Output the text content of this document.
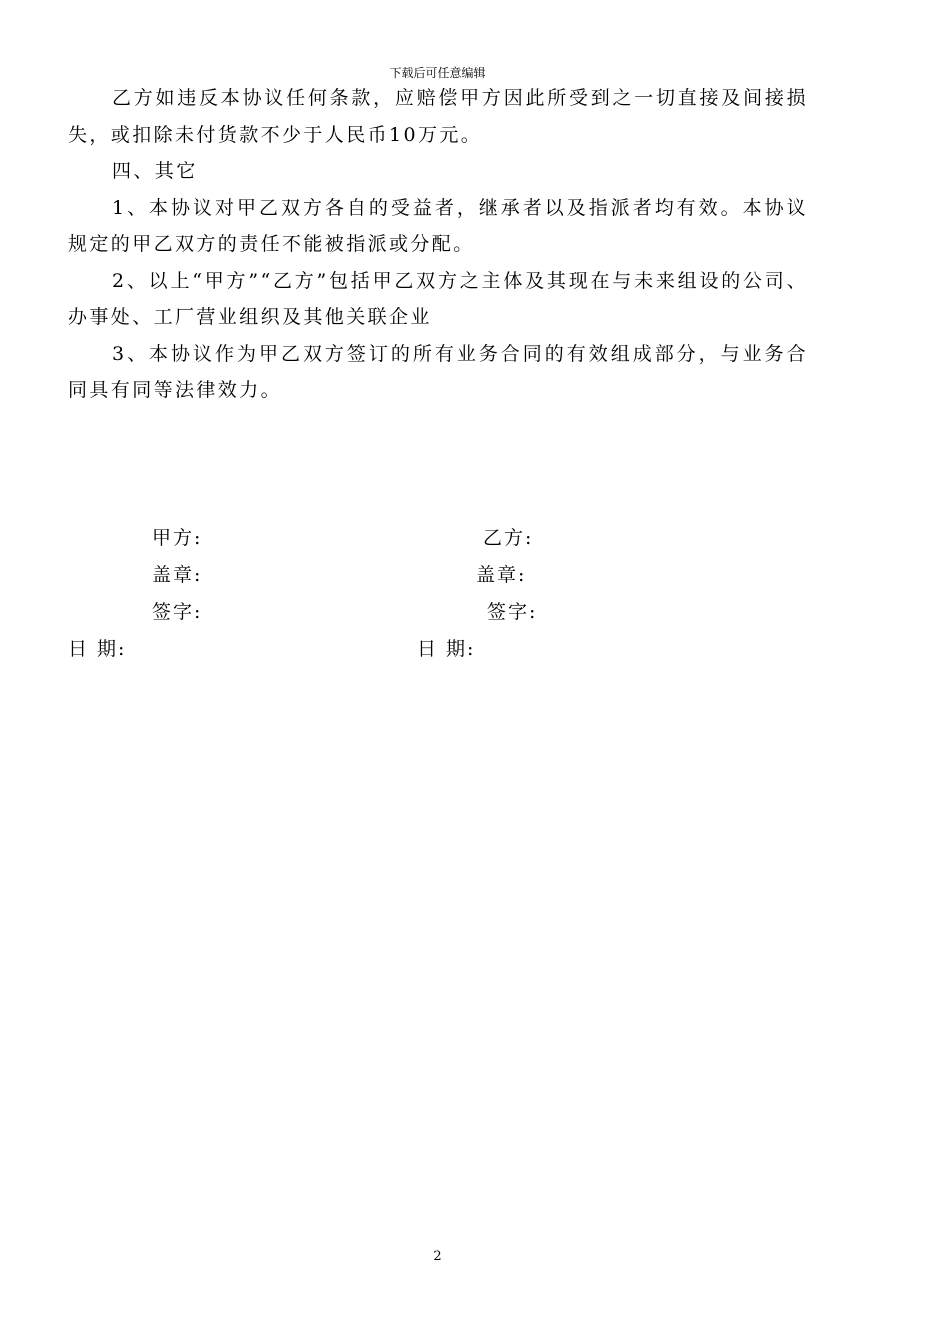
下载后可任意编辑

乙方如违反本协议任何条款，应赔偿甲方因此所受到之一切直接及间接损失，或扣除未付货款不少于人民币10万元。

四、其它

1、本协议对甲乙双方各自的受益者，继承者以及指派者均有效。本协议规定的甲乙双方的责任不能被指派或分配。

2、以上“甲方”“乙方”包括甲乙双方之主体及其现在与未来组设的公司、办事处、工厂营业组织及其他关联企业

3、本协议作为甲乙双方签订的所有业务合同的有效组成部分，与业务合同具有同等法律效力。

甲方:	乙方:
盖章:	盖章:
签字:	签字:
日 期:	日 期:
2
